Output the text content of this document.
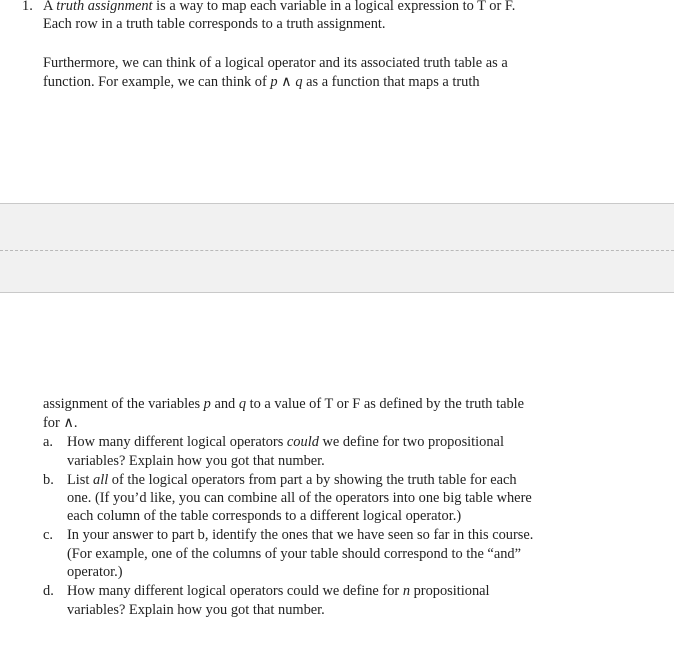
1. A truth assignment is a way to map each variable in a logical expression to T or F.
Each row in a truth table corresponds to a truth assignment.
Furthermore, we can think of a logical operator and its associated truth table as a
function. For example, we can think of p ∧ q as a function that maps a truth
assignment of the variables p and q to a value of T or F as defined by the truth table
for ∧.
a. How many different logical operators could we define for two propositional
variables? Explain how you got that number.
b. List all of the logical operators from part a by showing the truth table for each
one. (If you’d like, you can combine all of the operators into one big table where
each column of the table corresponds to a different logical operator.)
c. In your answer to part b, identify the ones that we have seen so far in this course.
(For example, one of the columns of your table should correspond to the “and”
operator.)
d. How many different logical operators could we define for n propositional
variables? Explain how you got that number.
